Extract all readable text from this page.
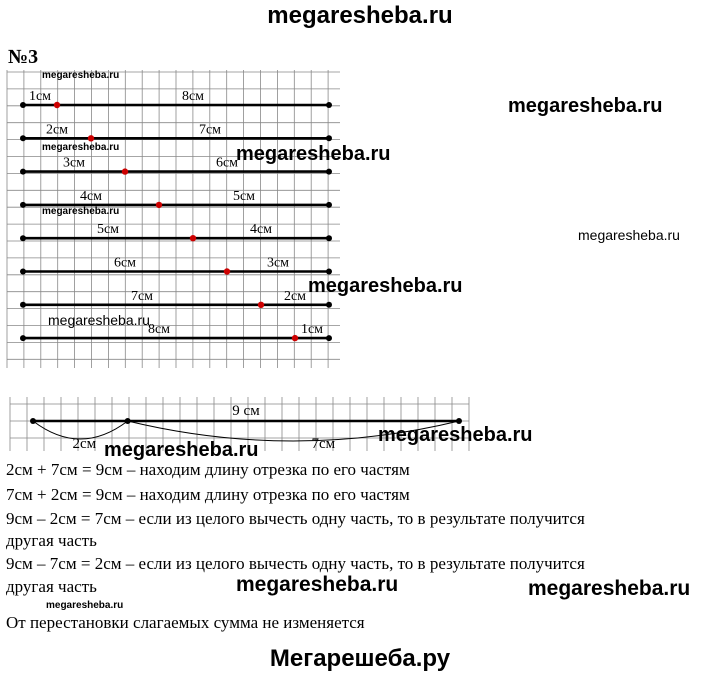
megaresheba.ru
№3
1см	8см
2см	7см
3см	6см
4см	5см
5см	4см
6см	3см
7см	2см
8см	1см
9 см
2см	7см
2см + 7см = 9см – находим длину отрезка по его частям
7см + 2см = 9см – находим длину отрезка по его частям
9см – 2см = 7см – если из целого вычесть одну часть, то в результате получится
другая часть
9см – 7см = 2см – если из целого вычесть одну часть, то в результате получится
другая часть
От перестановки слагаемых сумма не изменяется
megaresheba.ru
megaresheba.ru
megaresheba.ru
megaresheba.ru
megaresheba.ru
megaresheba.ru
megaresheba.ru
megaresheba.ru
megaresheba.ru
megaresheba.ru
megaresheba.ru	megaresheba.ru
megaresheba.ru
Мегарешеба.ру
